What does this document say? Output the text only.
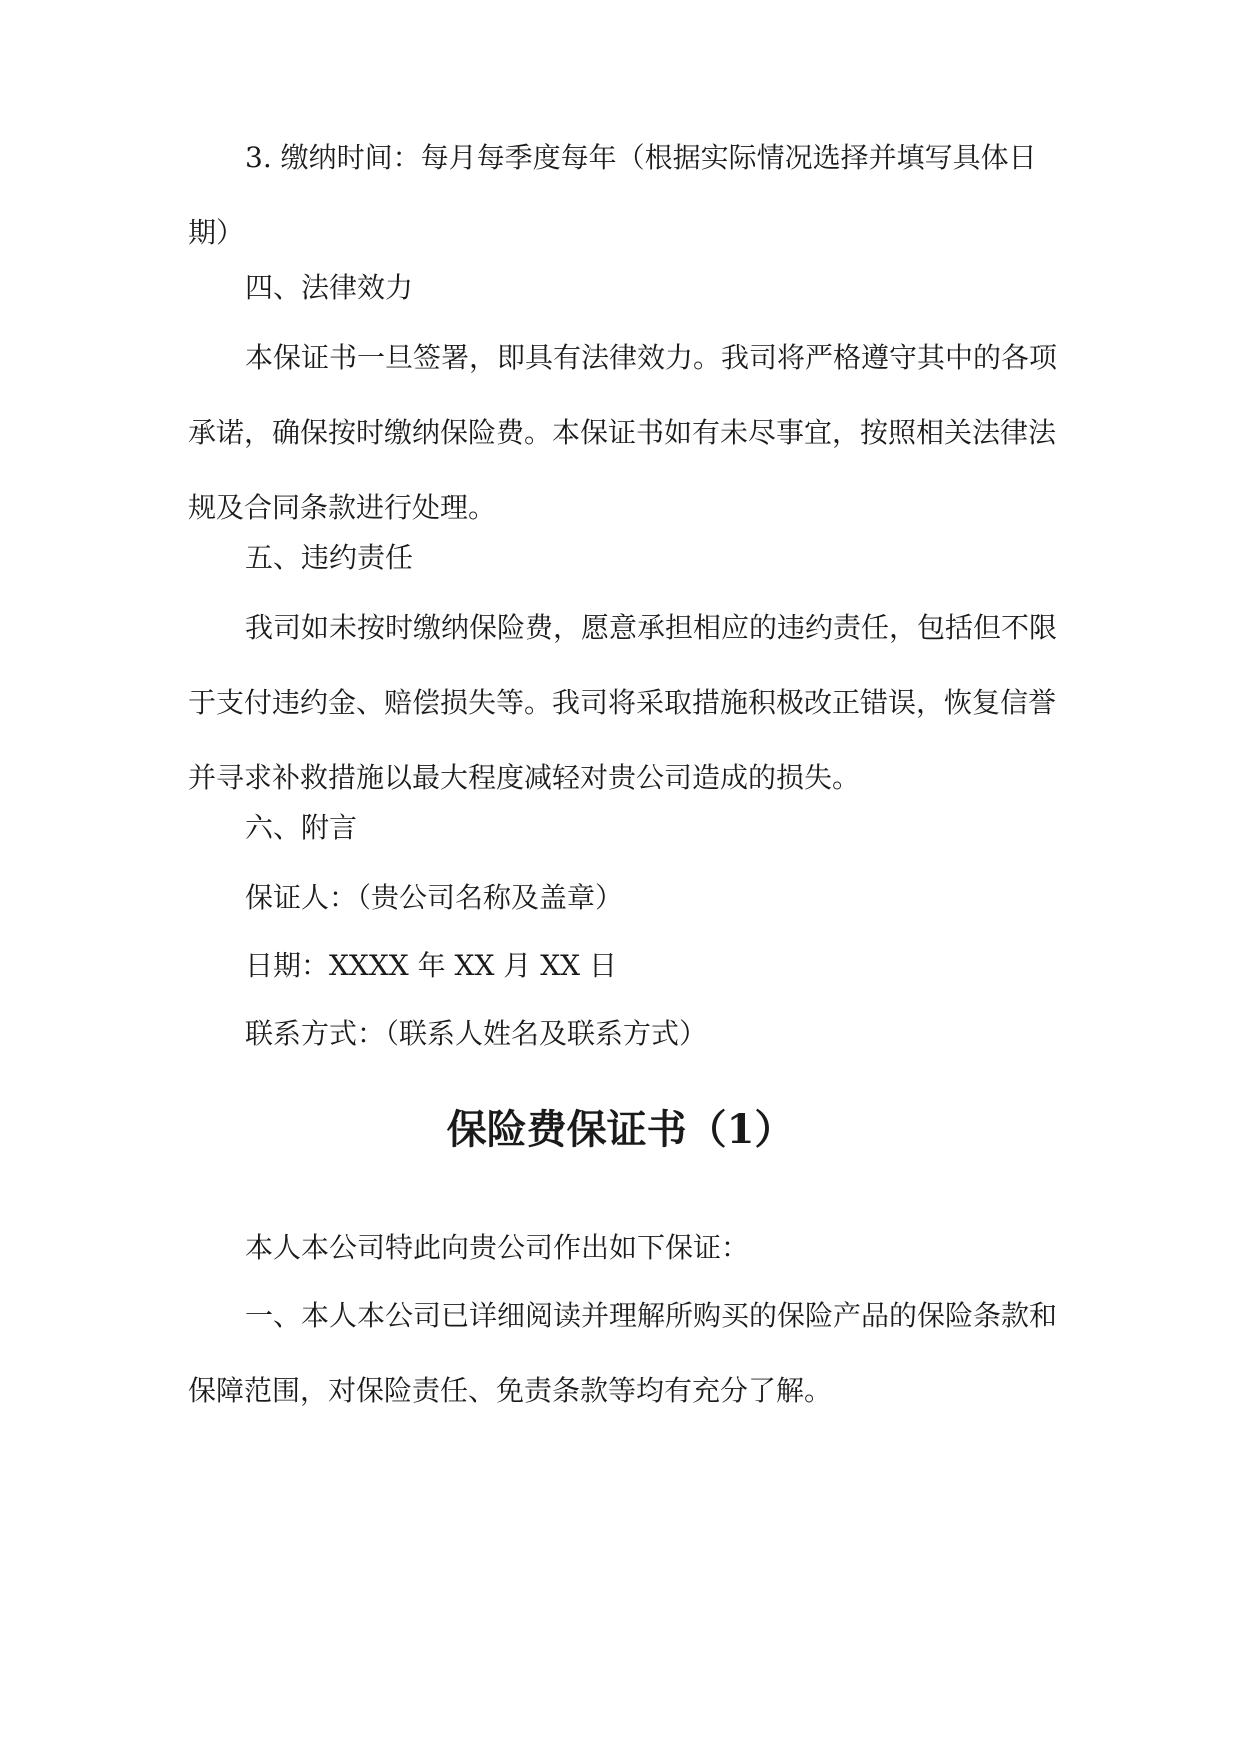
3. 缴纳时间：每月每季度每年（根据实际情况选择并填写具体日期）

四、法律效力

本保证书一旦签署，即具有法律效力。我司将严格遵守其中的各项承诺，确保按时缴纳保险费。本保证书如有未尽事宜，按照相关法律法规及合同条款进行处理。

五、违约责任

我司如未按时缴纳保险费，愿意承担相应的违约责任，包括但不限于支付违约金、赔偿损失等。我司将采取措施积极改正错误，恢复信誉并寻求补救措施以最大程度减轻对贵公司造成的损失。

六、附言

保证人：（贵公司名称及盖章）

日期：XXXX 年 XX 月 XX 日

联系方式：（联系人姓名及联系方式）

保险费保证书（1）

本人本公司特此向贵公司作出如下保证：

一、本人本公司已详细阅读并理解所购买的保险产品的保险条款和保障范围，对保险责任、免责条款等均有充分了解。
